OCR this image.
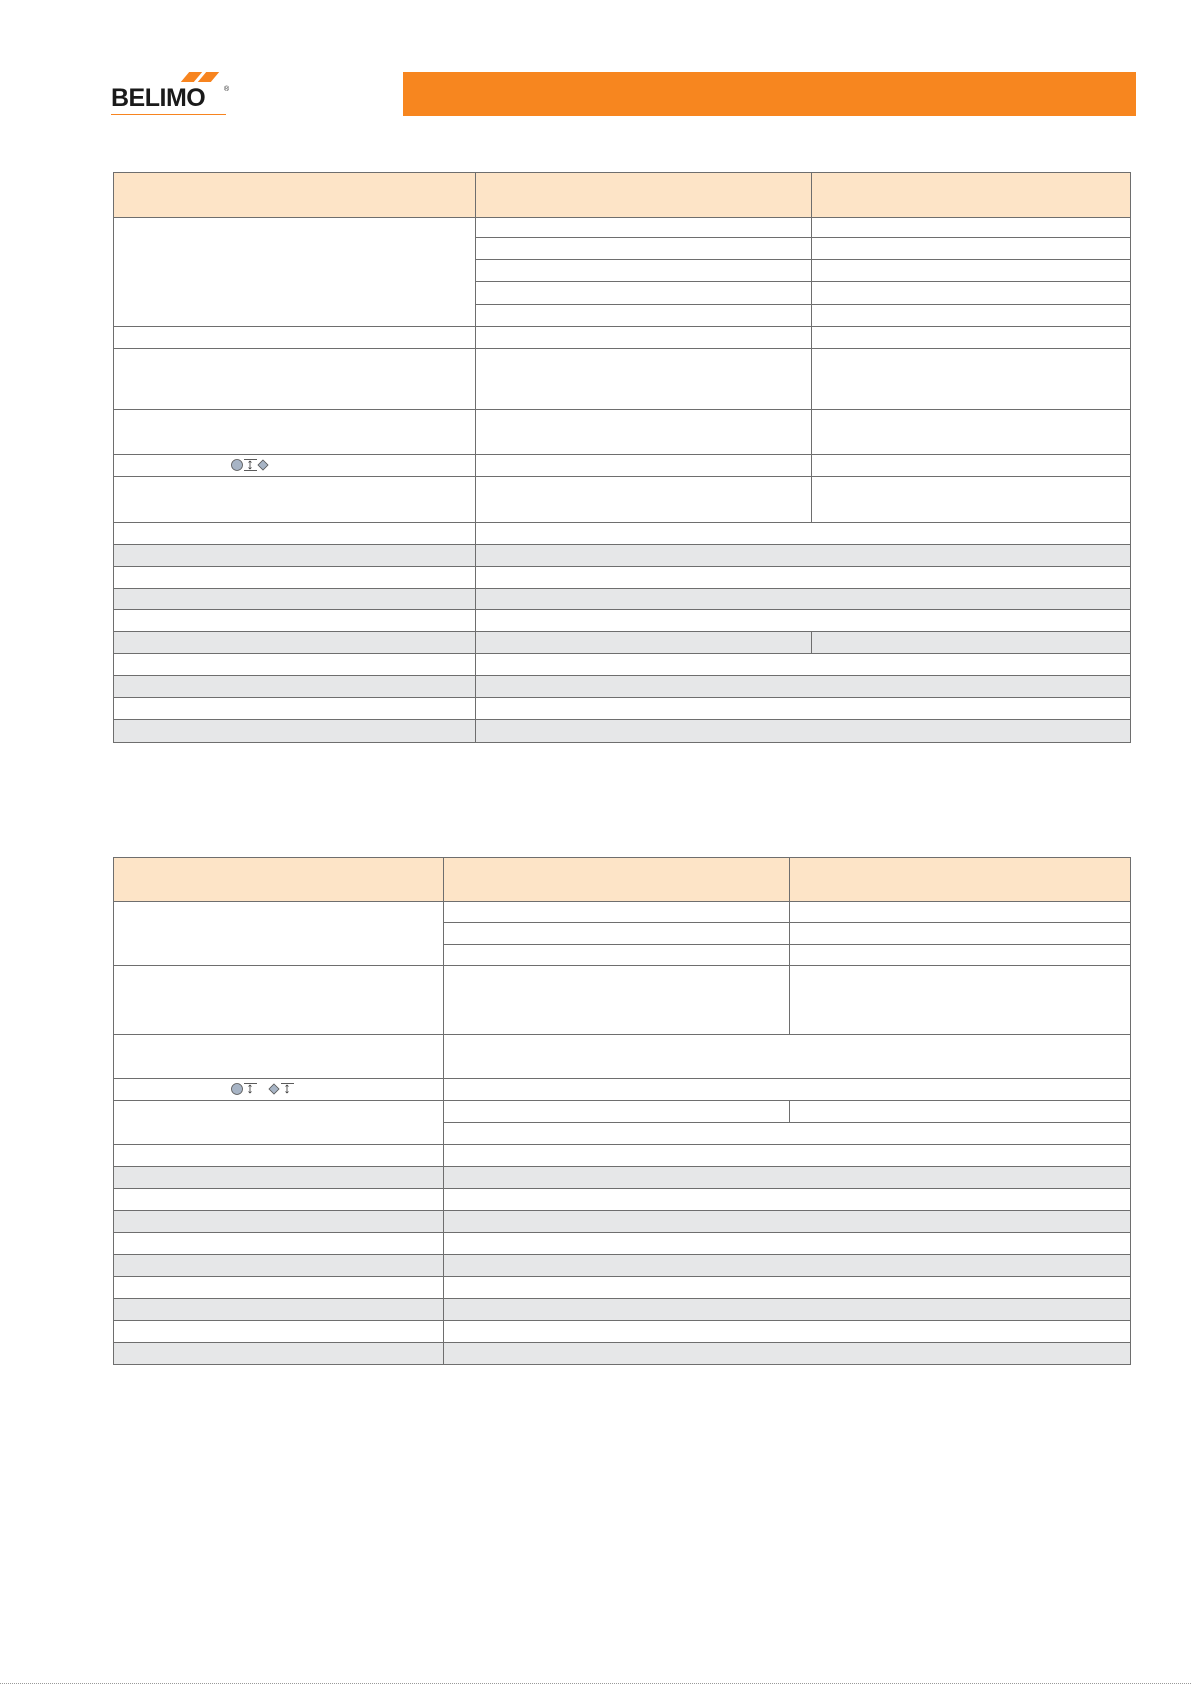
BELIMO	®
